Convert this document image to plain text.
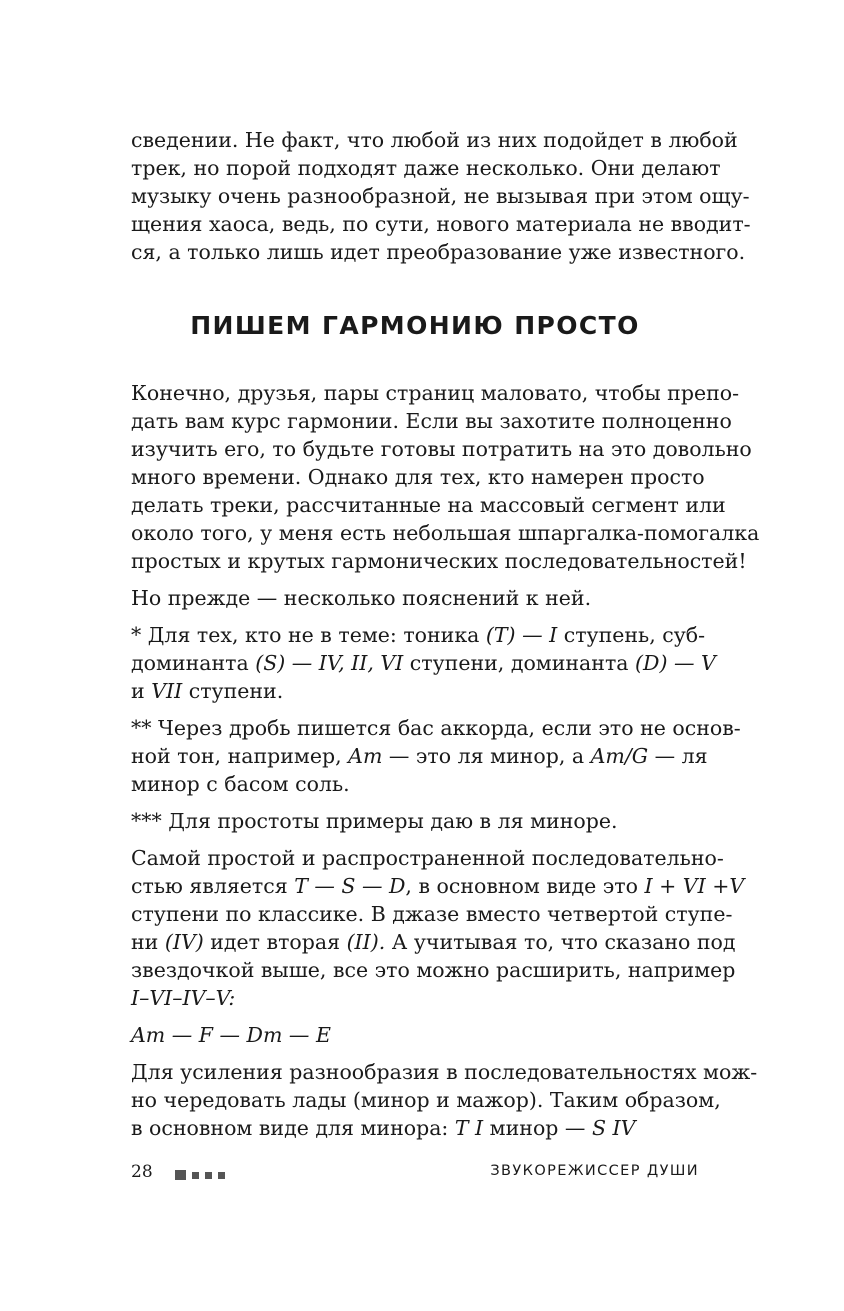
сведении. Не факт, что любой из них подойдет в любой
трек, но порой подходят даже несколько. Они делают
музыку очень разнообразной, не вызывая при этом ощу-
щения хаоса, ведь, по сути, нового материала не вводит-
ся, а только лишь идет преобразование уже известного.

ПИШЕМ ГАРМОНИЮ ПРОСТО

Конечно, друзья, пары страниц маловато, чтобы препо-
дать вам курс гармонии. Если вы захотите полноценно
изучить его, то будьте готовы потратить на это довольно
много времени. Однако для тех, кто намерен просто
делать треки, рассчитанные на массовый сегмент или
около того, у меня есть небольшая шпаргалка-помогалка
простых и крутых гармонических последовательностей!

Но прежде — несколько пояснений к ней.

* Для тех, кто не в теме: тоника (T) — I ступень, суб-
доминанта (S) — IV, II, VI ступени, доминанта (D) — V
и VII ступени.

** Через дробь пишется бас аккорда, если это не основ-
ной тон, например, Am — это ля минор, а Am/G — ля
минор с басом соль.

*** Для простоты примеры даю в ля миноре.

Самой простой и распространенной последовательно-
стью является T — S — D, в основном виде это I + VI +V
ступени по классике. В джазе вместо четвертой ступе-
ни (IV) идет вторая (II). А учитывая то, что сказано под
звездочкой выше, все это можно расширить, например
I–VI–IV–V:

Am — F — Dm — E

Для усиления разнообразия в последовательностях мож-
но чередовать лады (минор и мажор). Таким образом,
в основном виде для минора: T I минор — S IV

28	ЗВУКОРЕЖИССЕР ДУШИ
